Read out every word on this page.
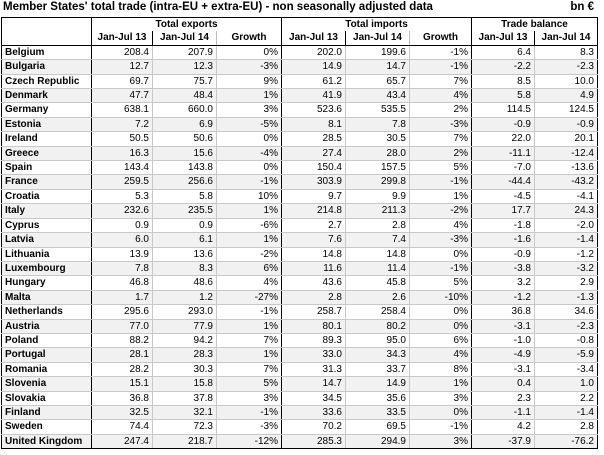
Member States' total trade (intra-EU + extra-EU) - non seasonally adjusted data	bn €
	Total exports			Total imports			Trade balance	
	Jan-Jul 13	Jan-Jul 14	Growth	Jan-Jul 13	Jan-Jul 14	Growth	Jan-Jul 13	Jan-Jul 14
Belgium	208.4	207.9	0%	202.0	199.6	-1%	6.4	8.3
Bulgaria	12.7	12.3	-3%	14.9	14.7	-1%	-2.2	-2.3
Czech Republic	69.7	75.7	9%	61.2	65.7	7%	8.5	10.0
Denmark	47.7	48.4	1%	41.9	43.4	4%	5.8	4.9
Germany	638.1	660.0	3%	523.6	535.5	2%	114.5	124.5
Estonia	7.2	6.9	-5%	8.1	7.8	-3%	-0.9	-0.9
Ireland	50.5	50.6	0%	28.5	30.5	7%	22.0	20.1
Greece	16.3	15.6	-4%	27.4	28.0	2%	-11.1	-12.4
Spain	143.4	143.8	0%	150.4	157.5	5%	-7.0	-13.6
France	259.5	256.6	-1%	303.9	299.8	-1%	-44.4	-43.2
Croatia	5.3	5.8	10%	9.7	9.9	1%	-4.5	-4.1
Italy	232.6	235.5	1%	214.8	211.3	-2%	17.7	24.3
Cyprus	0.9	0.9	-6%	2.7	2.8	4%	-1.8	-2.0
Latvia	6.0	6.1	1%	7.6	7.4	-3%	-1.6	-1.4
Lithuania	13.9	13.6	-2%	14.8	14.8	0%	-0.9	-1.2
Luxembourg	7.8	8.3	6%	11.6	11.4	-1%	-3.8	-3.2
Hungary	46.8	48.6	4%	43.6	45.8	5%	3.2	2.9
Malta	1.7	1.2	-27%	2.8	2.6	-10%	-1.2	-1.3
Netherlands	295.6	293.0	-1%	258.7	258.4	0%	36.8	34.6
Austria	77.0	77.9	1%	80.1	80.2	0%	-3.1	-2.3
Poland	88.2	94.2	7%	89.3	95.0	6%	-1.0	-0.8
Portugal	28.1	28.3	1%	33.0	34.3	4%	-4.9	-5.9
Romania	28.2	30.3	7%	31.3	33.7	8%	-3.1	-3.4
Slovenia	15.1	15.8	5%	14.7	14.9	1%	0.4	1.0
Slovakia	36.8	37.8	3%	34.5	35.6	3%	2.3	2.2
Finland	32.5	32.1	-1%	33.6	33.5	0%	-1.1	-1.4
Sweden	74.4	72.3	-3%	70.2	69.5	-1%	4.2	2.8
United Kingdom	247.4	218.7	-12%	285.3	294.9	3%	-37.9	-76.2
